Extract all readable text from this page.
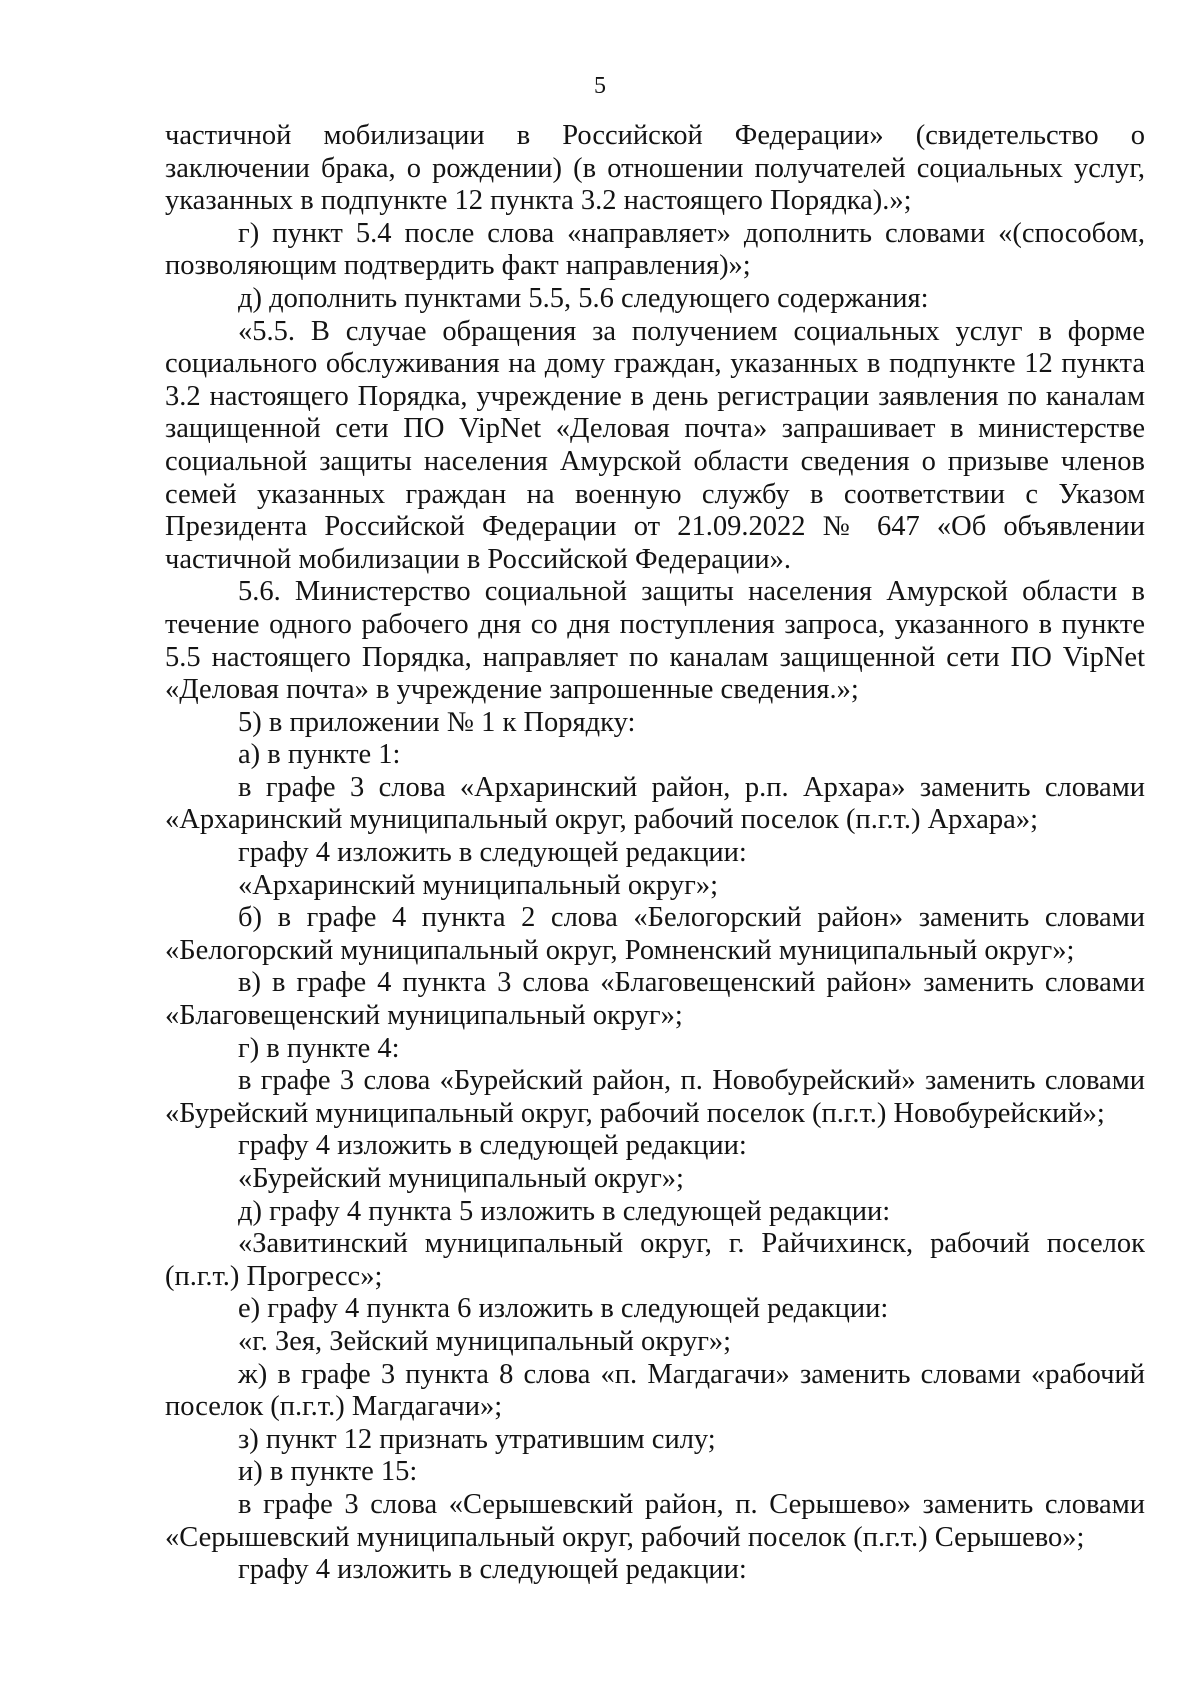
5

частичной мобилизации в Российской Федерации» (свидетельство о заключении брака, о рождении) (в отношении получателей социальных услуг, указанных в подпункте 12 пункта 3.2 настоящего Порядка).»;

г) пункт 5.4 после слова «направляет» дополнить словами «(способом, позволяющим подтвердить факт направления)»;

д) дополнить пунктами 5.5, 5.6 следующего содержания:

«5.5. В случае обращения за получением социальных услуг в форме социального обслуживания на дому граждан, указанных в подпункте 12 пункта 3.2 настоящего Порядка, учреждение в день регистрации заявления по каналам защищенной сети ПО VipNet «Деловая почта» запрашивает в министерстве социальной защиты населения Амурской области сведения о призыве членов семей указанных граждан на военную службу в соответствии с Указом Президента Российской Федерации от 21.09.2022 № 647 «Об объявлении частичной мобилизации в Российской Федерации».

5.6. Министерство социальной защиты населения Амурской области в течение одного рабочего дня со дня поступления запроса, указанного в пункте 5.5 настоящего Порядка, направляет по каналам защищенной сети ПО VipNet «Деловая почта» в учреждение запрошенные сведения.»;

5) в приложении № 1 к Порядку:

а) в пункте 1:

в графе 3 слова «Архаринский район, р.п. Архара» заменить словами «Архаринский муниципальный округ, рабочий поселок (п.г.т.) Архара»;

графу 4 изложить в следующей редакции:

«Архаринский муниципальный округ»;

б) в графе 4 пункта 2 слова «Белогорский район» заменить словами «Белогорский муниципальный округ, Ромненский муниципальный округ»;

в) в графе 4 пункта 3 слова «Благовещенский район» заменить словами «Благовещенский муниципальный округ»;

г) в пункте 4:

в графе 3 слова «Бурейский район, п. Новобурейский» заменить словами «Бурейский муниципальный округ, рабочий поселок (п.г.т.) Новобурейский»;

графу 4 изложить в следующей редакции:

«Бурейский муниципальный округ»;

д) графу 4 пункта 5 изложить в следующей редакции:

«Завитинский муниципальный округ, г. Райчихинск, рабочий поселок (п.г.т.) Прогресс»;

е) графу 4 пункта 6 изложить в следующей редакции:

«г. Зея, Зейский муниципальный округ»;

ж) в графе 3 пункта 8 слова «п. Магдагачи» заменить словами «рабочий поселок (п.г.т.) Магдагачи»;

з) пункт 12 признать утратившим силу;

и) в пункте 15:

в графе 3 слова «Серышевский район, п. Серышево» заменить словами «Серышевский муниципальный округ, рабочий поселок (п.г.т.) Серышево»;

графу 4 изложить в следующей редакции:
